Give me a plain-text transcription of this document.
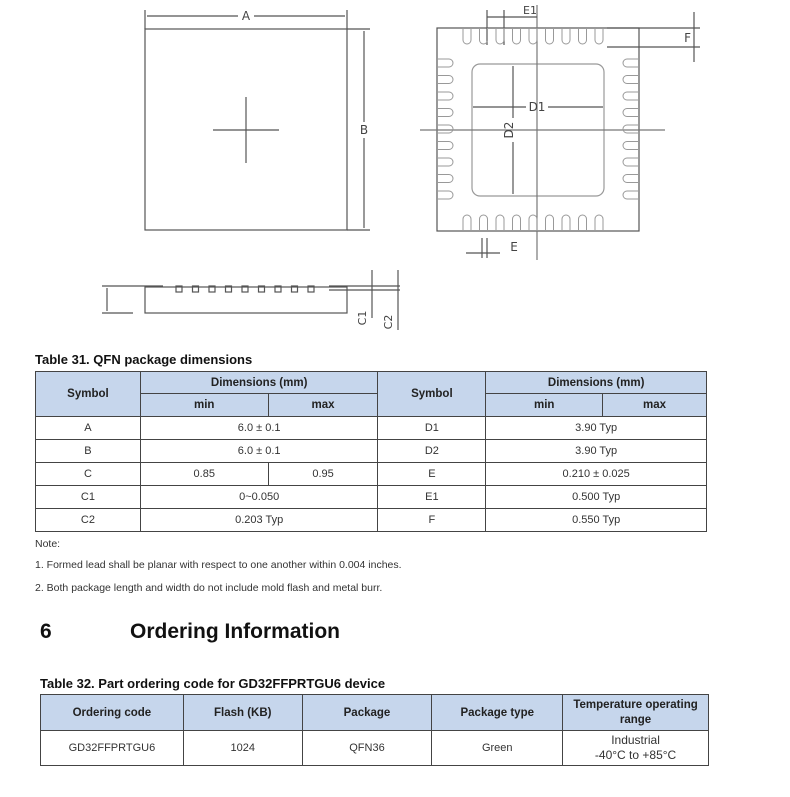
A
B
D1
D2
E1
F
E
C1 C2
Table 31. QFN package dimensions
Symbol	Dimensions (mm)		Symbol	Dimensions (mm)	
	min	max		min	max
A	6.0 ± 0.1		D1	3.90 Typ	
B	6.0 ± 0.1		D2	3.90 Typ	
C	0.85	0.95	E	0.210 ± 0.025	
C1	0~0.050		E1	0.500 Typ	
C2	0.203 Typ		F	0.550 Typ	
Note:
1. Formed lead shall be planar with respect to one another within 0.004 inches.
2. Both package length and width do not include mold flash and metal burr.
6	Ordering Information
Table 32. Part ordering code for GD32FFPRTGU6 device
Ordering code	Flash (KB)	Package	Package type	Temperature operating range
GD32FFPRTGU6	1024	QFN36	Green	Industrial
-40°C to +85°C
